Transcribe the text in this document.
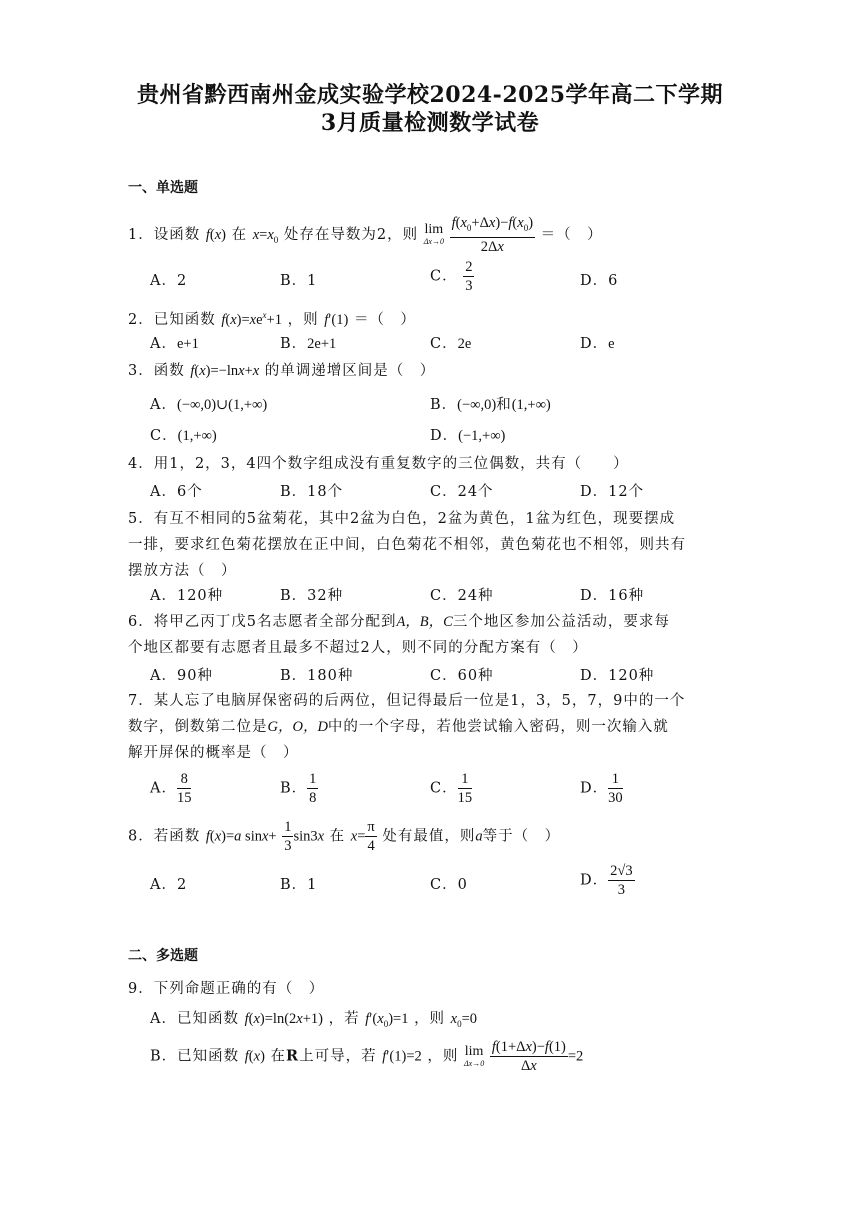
贵州省黔西南州金成实验学校2024-2025学年高二下学期
3月质量检测数学试卷
一、单选题
1．设函数 f(x) 在 $x=x_0$ 处存在导数为2，则 lim
Δx→0
$\frac{f(x_0+\Delta x)-f(x_0)}{2\Delta x}$ ＝（　）
A．2	B．1	C． $\frac{2}{3}$	D．6
2．已知函数 $f(x)=xe^x+1$ ，则 f′(1) ＝（　）
A．e+1	B．2e+1	C．2e	D．e
3．函数 f(x)=−lnx+x 的单调递增区间是（　）
A．(−∞,0)∪(1,+∞)	B．(−∞,0)和(1,+∞)
C．(1,+∞)	D．(−1,+∞)
4．用1，2，3，4四个数字组成没有重复数字的三位偶数，共有（　　）
A．6个	B．18个	C．24个	D．12个
5．有互不相同的5盆菊花，其中2盆为白色，2盆为黄色，1盆为红色，现要摆成
一排，要求红色菊花摆放在正中间，白色菊花不相邻，黄色菊花也不相邻，则共有
摆放方法（　）
A．120种	B．32种	C．24种	D．16种
6．将甲乙丙丁戊5名志愿者全部分配到A，B，C三个地区参加公益活动，要求每
个地区都要有志愿者且最多不超过2人，则不同的分配方案有（　）
A．90种	B．180种	C．60种	D．120种
7．某人忘了电脑屏保密码的后两位，但记得最后一位是1，3，5，7，9中的一个
数字，倒数第二位是G，O，D中的一个字母，若他尝试输入密码，则一次输入就
解开屏保的概率是（　）
A． $\frac{8}{15}$	B． $\frac{1}{8}$	C． $\frac{1}{15}$	D． $\frac{1}{30}$
8．若函数 f(x)=a $\sin x+ \frac{1}{3} \sin 3x$ 在 $x= \frac{\pi}{4}$ 处有最值，则a等于（　）
A．2	B．1	C．0	D． $\frac{2√3}{3}$
二、多选题
9．下列命题正确的有（　）
A．已知函数 f(x)=ln(2x+1) ，若 $f'(x_0)=1$ ，则 $x_0=0$
B．已知函数 f(x) 在R上可导，若 f′(1)=2 ，则 lim
Δx→0
$\frac{f(1+\Delta x)-f(1)}{\Delta x} =2$
